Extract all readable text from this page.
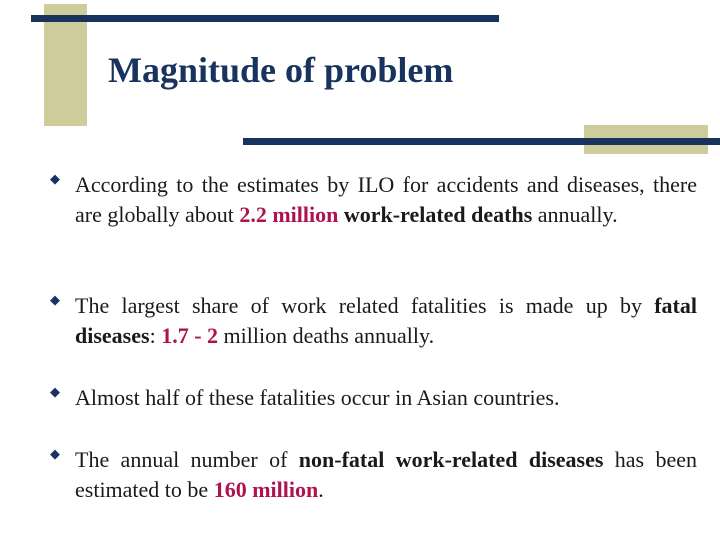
Magnitude of problem
◆ According to the estimates by ILO for accidents and diseases, there are globally about 2.2 million work-related deaths annually.
◆ The largest share of work related fatalities is made up by fatal diseases: 1.7 - 2 million deaths annually.
◆ Almost half of these fatalities occur in Asian countries.
◆ The annual number of non-fatal work-related diseases has been estimated to be 160 million.
